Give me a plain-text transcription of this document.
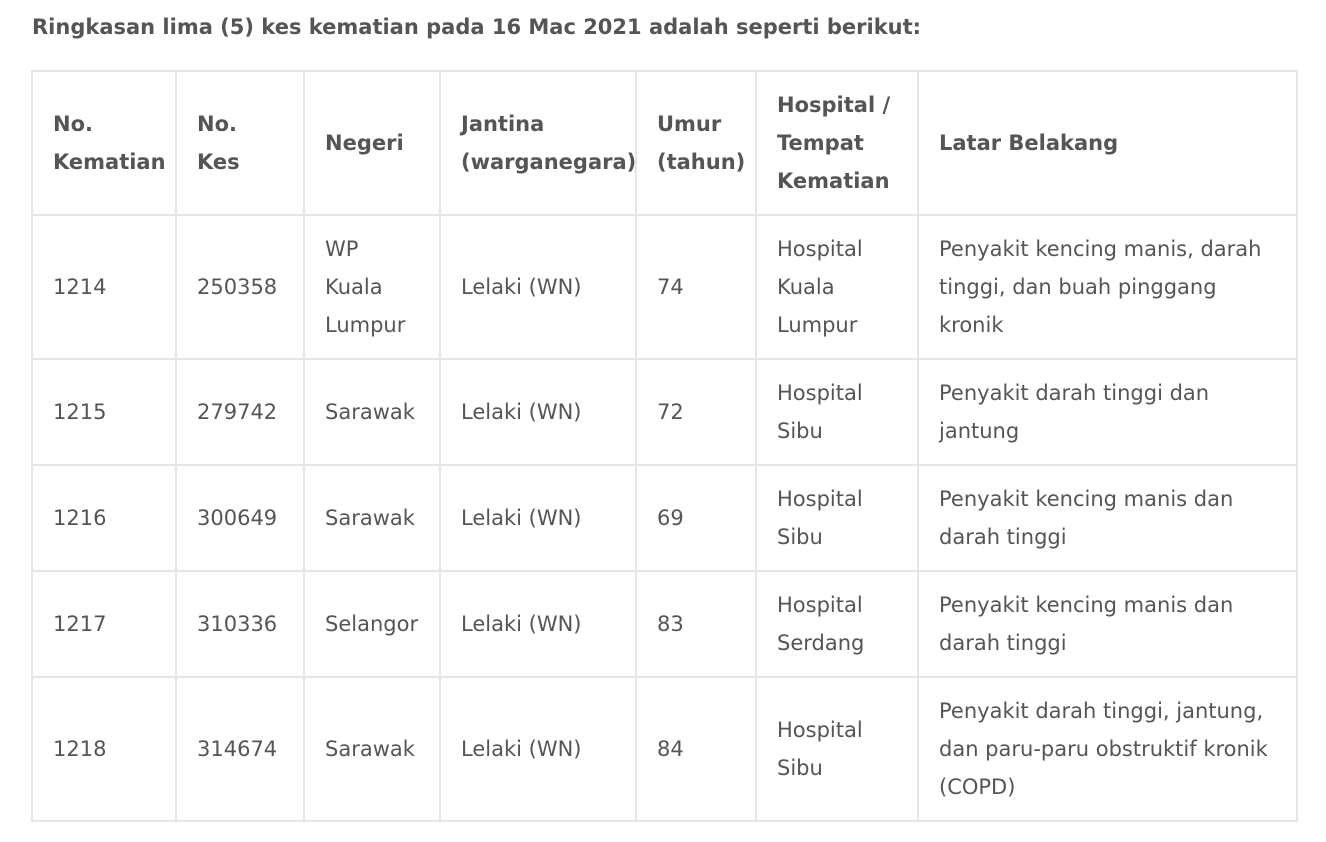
Ringkasan lima (5) kes kematian pada 16 Mac 2021 adalah seperti berikut:

No. Kematian	No. Kes	Negeri	Jantina (warganegara)	Umur (tahun)	Hospital / Tempat Kematian	Latar Belakang
1214	250358	WP Kuala Lumpur	Lelaki (WN)	74	Hospital Kuala Lumpur	Penyakit kencing manis, darah tinggi, dan buah pinggang kronik
1215	279742	Sarawak	Lelaki (WN)	72	Hospital Sibu	Penyakit darah tinggi dan jantung
1216	300649	Sarawak	Lelaki (WN)	69	Hospital Sibu	Penyakit kencing manis dan darah tinggi
1217	310336	Selangor	Lelaki (WN)	83	Hospital Serdang	Penyakit kencing manis dan darah tinggi
1218	314674	Sarawak	Lelaki (WN)	84	Hospital Sibu	Penyakit darah tinggi, jantung, dan paru-paru obstruktif kronik (COPD)
